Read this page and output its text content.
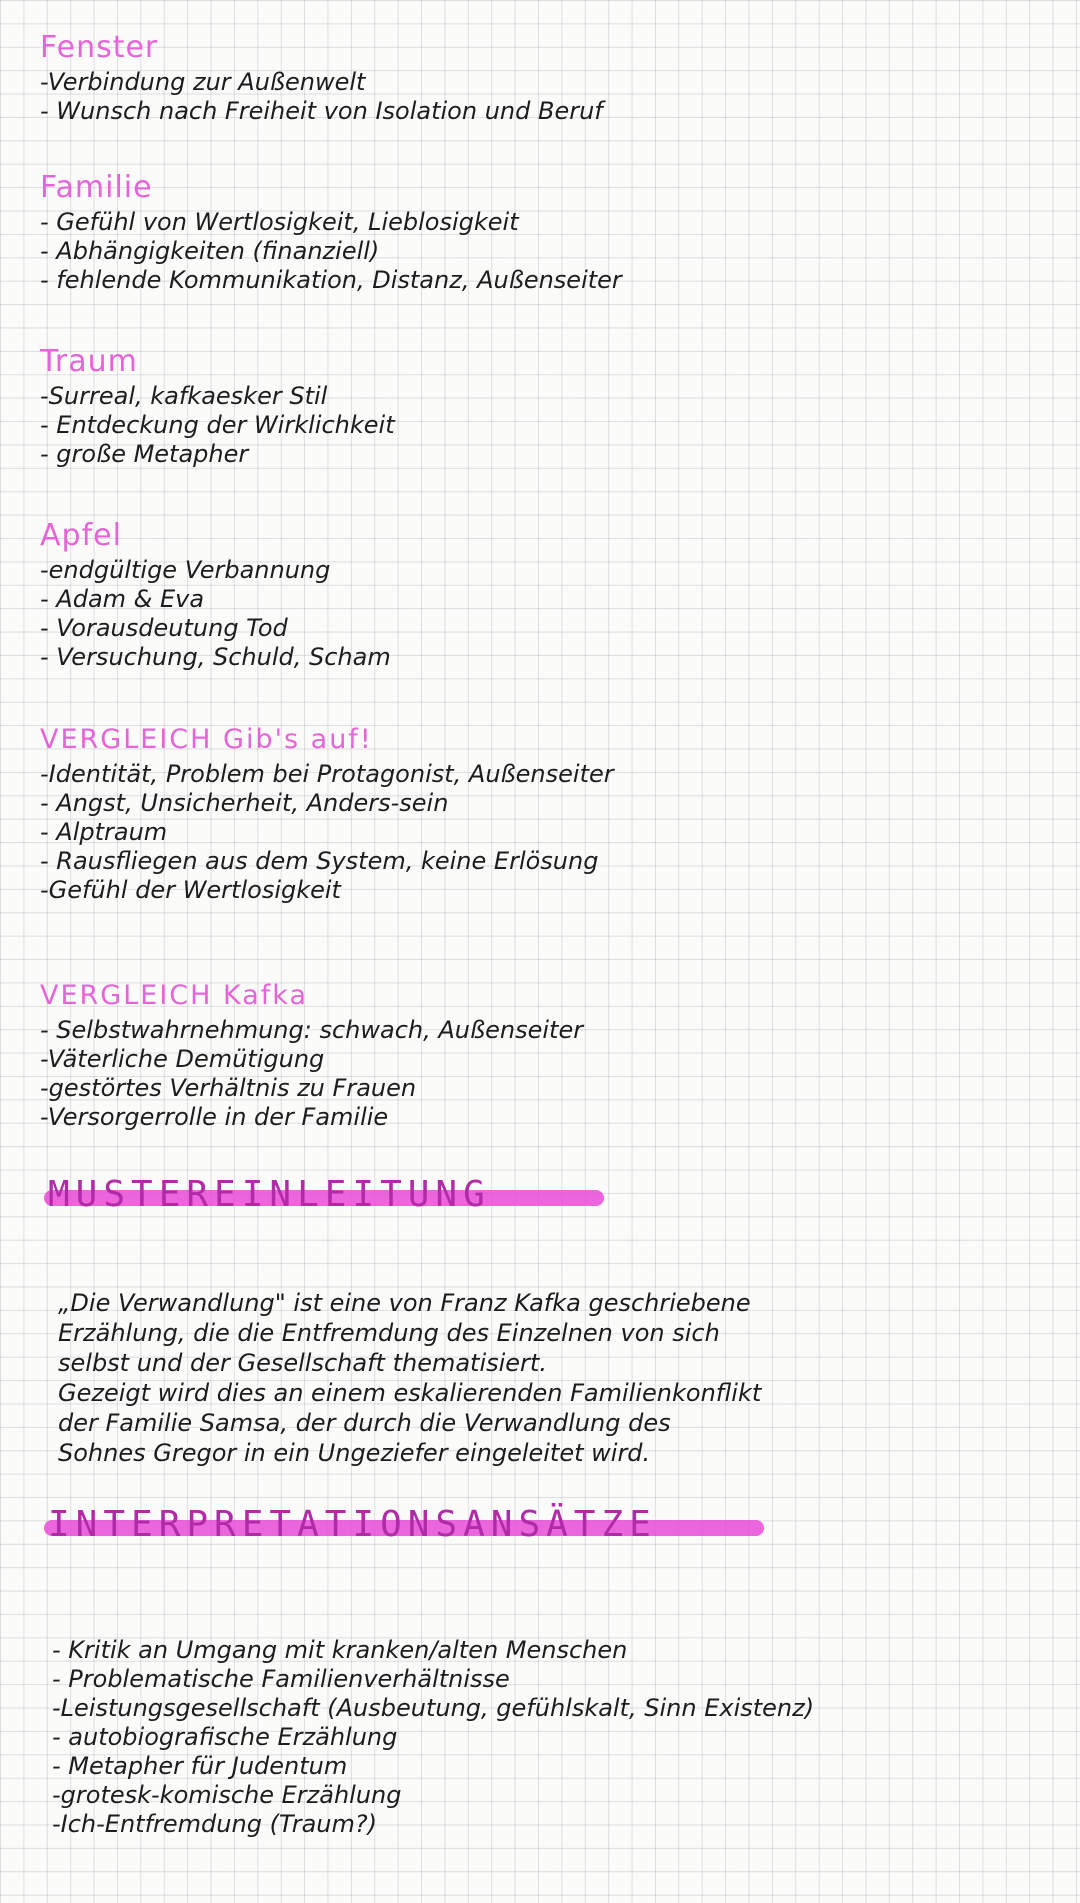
Fenster
-Verbindung zur Außenwelt
- Wunsch nach Freiheit von Isolation und Beruf
Familie
- Gefühl von Wertlosigkeit, Lieblosigkeit
- Abhängigkeiten (finanziell)
- fehlende Kommunikation, Distanz, Außenseiter
Traum
-Surreal, kafkaesker Stil
- Entdeckung der Wirklichkeit
- große Metapher
Apfel
-endgültige Verbannung
- Adam & Eva
- Vorausdeutung Tod
- Versuchung, Schuld, Scham
VERGLEICH Gib's auf!
-Identität, Problem bei Protagonist, Außenseiter
- Angst, Unsicherheit, Anders-sein
- Alptraum
- Rausfliegen aus dem System, keine Erlösung
-Gefühl der Wertlosigkeit
VERGLEICH Kafka
- Selbstwahrnehmung: schwach, Außenseiter
-Väterliche Demütigung
-gestörtes Verhältnis zu Frauen
-Versorgerrolle in der Familie
MUSTEREINLEITUNG

„Die Verwandlung" ist eine von Franz Kafka geschriebene

Erzählung, die die Entfremdung des Einzelnen von sich

selbst und der Gesellschaft thematisiert.

Gezeigt wird dies an einem eskalierenden Familienkonflikt

der Familie Samsa, der durch die Verwandlung des

Sohnes Gregor in ein Ungeziefer eingeleitet wird.

INTERPRETATIONSANSÄTZE
- Kritik an Umgang mit kranken/alten Menschen
- Problematische Familienverhältnisse
-Leistungsgesellschaft (Ausbeutung, gefühlskalt, Sinn Existenz)
- autobiografische Erzählung
- Metapher für Judentum
-grotesk-komische Erzählung
-Ich-Entfremdung (Traum?)
